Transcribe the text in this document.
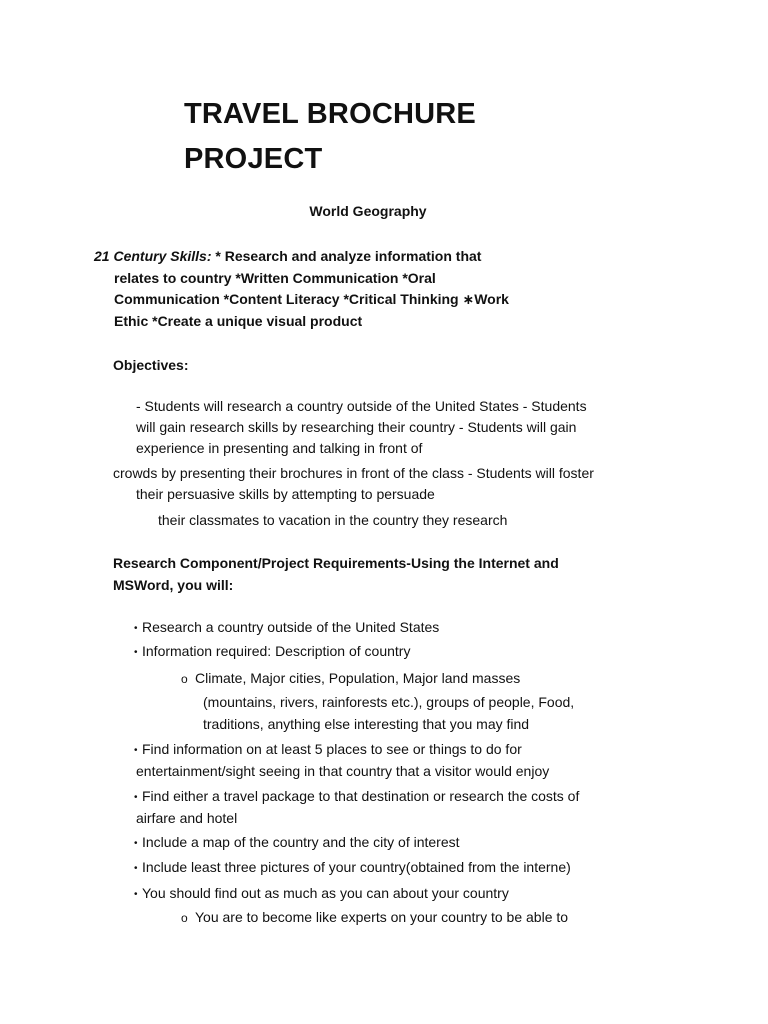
TRAVEL BROCHURE
PROJECT
World Geography
21 Century Skills: * Research and analyze information that
relates to country *Written Communication *Oral
Communication *Content Literacy *Critical Thinking ∗Work
Ethic *Create a unique visual product
Objectives:
- Students will research a country outside of the United States - Students
will gain research skills by researching their country - Students will gain
experience in presenting and talking in front of
crowds by presenting their brochures in front of the class - Students will foster
their persuasive skills by attempting to persuade
their classmates to vacation in the country they research
Research Component/Project Requirements-Using the Internet and
MSWord, you will:
• Research a country outside of the United States
• Information required: Description of country
o Climate, Major cities, Population, Major land masses
(mountains, rivers, rainforests etc.), groups of people, Food,
traditions, anything else interesting that you may find
• Find information on at least 5 places to see or things to do for
entertainment/sight seeing in that country that a visitor would enjoy
• Find either a travel package to that destination or research the costs of
airfare and hotel
• Include a map of the country and the city of interest
• Include least three pictures of your country(obtained from the interne)
• You should find out as much as you can about your country
o You are to become like experts on your country to be able to
